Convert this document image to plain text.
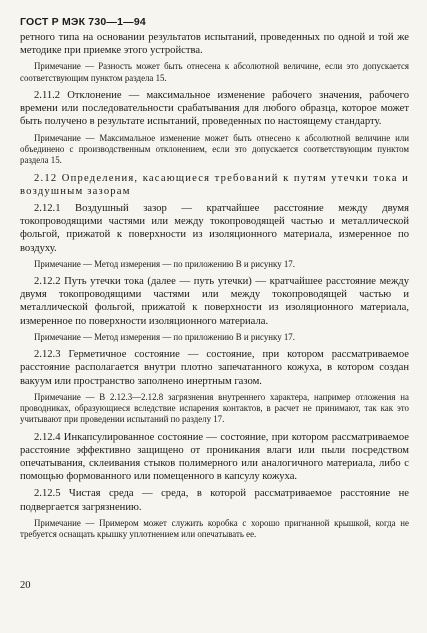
ГОСТ Р МЭК 730—1—94
ретного типа на основании результатов испытаний, проведенных по одной и той же методике при приемке этого устройства.
Примечание — Разность может быть отнесена к абсолютной величине, если это допускается соответствующим пунктом раздела 15.
2.11.2 Отклонение — максимальное изменение рабочего значения, рабочего времени или последовательности срабатывания для любого образца, которое может быть получено в результате испытаний, проведенных по настоящему стандарту.
Примечание — Максимальное изменение может быть отнесено к абсолютной величине или объединено с производственным отклонением, если это допускается соответствующим пунктом раздела 15.
2.12 Определения, касающиеся требований к путям утечки тока и воздушным зазорам
2.12.1 Воздушный зазор — кратчайшее расстояние между двумя токопроводящими частями или между токопроводящей частью и металлической фольгой, прижатой к поверхности из изоляционного материала, измеренное по воздуху.
Примечание — Метод измерения — по приложению В и рисунку 17.
2.12.2 Путь утечки тока (далее — путь утечки) — кратчайшее расстояние между двумя токопроводящими частями или между токопроводящей частью и металлической фольгой, прижатой к поверхности из изоляционного материала, измеренное по поверхности изоляционного материала.
Примечание — Метод измерения — по приложению В и рисунку 17.
2.12.3 Герметичное состояние — состояние, при котором рассматриваемое расстояние располагается внутри плотно запечатанного кожуха, в котором создан вакуум или пространство заполнено инертным газом.
Примечание — В 2.12.3—2.12.8 загрязнения внутреннего характера, например отложения на проводниках, образующиеся вследствие испарения контактов, в расчет не принимают, так как это учитывают при проведении испытаний по разделу 17.
2.12.4 Инкапсулированное состояние — состояние, при котором рассматриваемое расстояние эффективно защищено от проникания влаги или пыли посредством опечатывания, склеивания стыков полимерного или аналогичного материала, либо с помощью формованного или помещенного в капсулу кожуха.
2.12.5 Чистая среда — среда, в которой рассматриваемое расстояние не подвергается загрязнению.
Примечание — Примером может служить коробка с хорошо пригнанной крышкой, когда не требуется оснащать крышку уплотнением или опечатывать ее.
20
